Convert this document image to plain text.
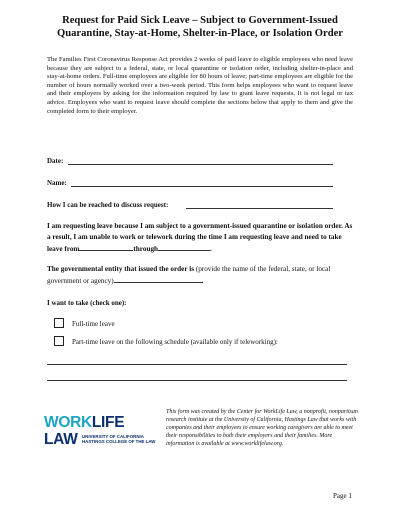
Request for Paid Sick Leave – Subject to Government-Issued
Quarantine, Stay-at-Home, Shelter-in-Place, or Isolation Order
The Families First Coronavirus Response Act provides 2 weeks of paid leave to eligible employees who need leave because they are subject to a federal, state, or local quarantine or isolation order, including shelter-in-place and stay-at-home orders. Full-time employees are eligible for 80 hours of leave; part-time employees are eligible for the number of hours normally worked over a two-week period. This form helps employees who want to request leave and their employers by asking for the information required by law to grant leave requests. It is not legal or tax advice. Employees who want to request leave should complete the sections below that apply to them and give the completed form to their employer.
Date:
Name:
How I can be reached to discuss request:
I am requesting leave because I am subject to a government-issued quarantine or isolation order. As a result, I am unable to work or telework during the time I am requesting leave and need to take leave from	through	.
The governmental entity that issued the order is (provide the name of the federal, state, or local government or agency)	.
I want to take (check one):
Full-time leave
Part-time leave on the following schedule (available only if teleworking):
WORKLIFE
LAW UNIVERSITY OF CALIFORNIA
HASTINGS COLLEGE OF THE LAW
This form was created by the Center for WorkLife Law, a nonprofit, nonpartisan research institute at the University of California, Hastings Law that works with companies and their employees to ensure working caregivers are able to meet their responsibilities to both their employers and their families. More information is available at www.worklifelaw.org.
Page 1
